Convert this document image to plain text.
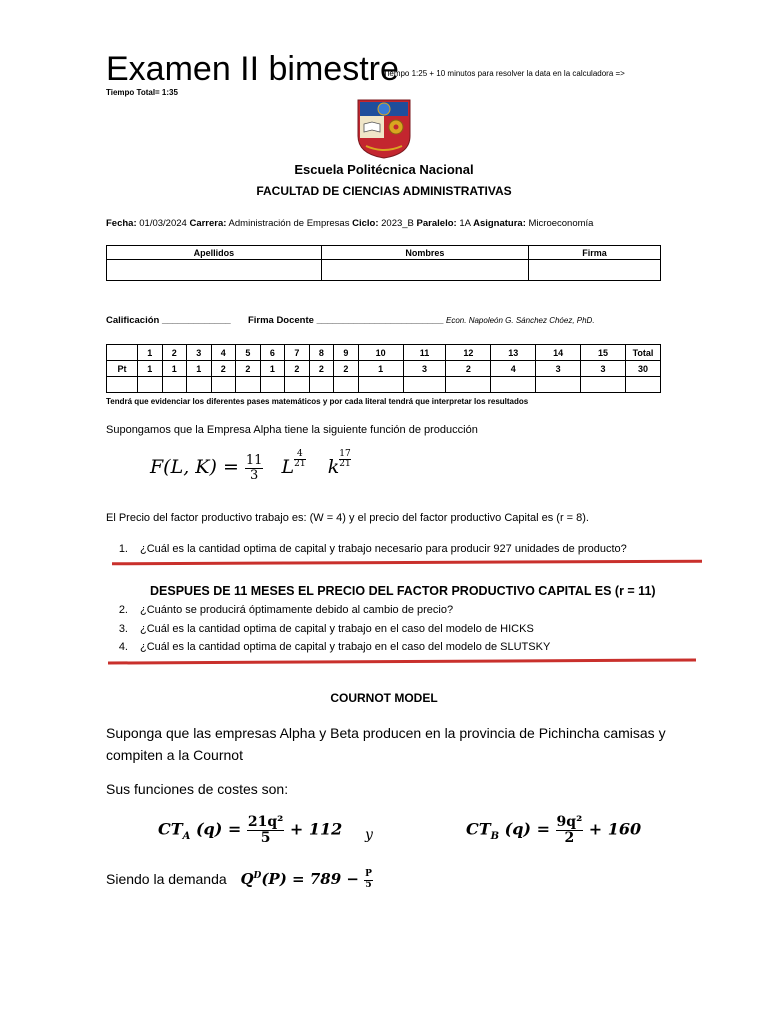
Examen II bimestre
Tiempo 1:25 + 10 minutos para resolver la data en la calculadora =>
Tiempo Total= 1:35
Escuela Politécnica Nacional
FACULTAD DE CIENCIAS ADMINISTRATIVAS
Fecha: 01/03/2024 Carrera: Administración de Empresas Ciclo: 2023_B Paralelo: 1A Asignatura: Microeconomía
Apellidos	Nombres	Firma

Calificación _____________ Firma Docente ________________________ Econ. Napoleón G. Sánchez Chóez, PhD.
	1	2	3	4	5	6	7	8	9	10	11	12	13	14	15	Total
Pt	1	1	1	2	2	1	2	2	2	1	3	2	4	3	3	30

Tendrá que evidenciar los diferentes pases matemáticos y por cada literal tendrá que interpretar los resultados
Supongamos que la Empresa Alpha tiene la siguiente función de producción
F(L, $K) = \frac{11}{3}$ L $\frac{4}{21}$ k $\frac{17}{21}$
El Precio del factor productivo trabajo es: (W = 4) y el precio del factor productivo Capital es (r = 8).
1. ¿Cuál es la cantidad optima de capital y trabajo necesario para producir 927 unidades de producto?
DESPUES DE 11 MESES EL PRECIO DEL FACTOR PRODUCTIVO CAPITAL ES (r = 11)
2. ¿Cuánto se producirá óptimamente debido al cambio de precio?
3. ¿Cuál es la cantidad optima de capital y trabajo en el caso del modelo de HICKS
4. ¿Cuál es la cantidad optima de capital y trabajo en el caso del modelo de SLUTSKY
COURNOT MODEL
Suponga que las empresas Alpha y Beta producen en la provincia de Pichincha camisas y
compiten a la Cournot
Sus funciones de costes son:
$CT_A$ $(q) = \frac{\text{21q²}}{5} + 112$ y	$CT_B$ $(q) = \frac{\text{9q²}}{2} + 160$
Siendo la demanda $Q^D(P) = 789 - \frac{P}{5}$
